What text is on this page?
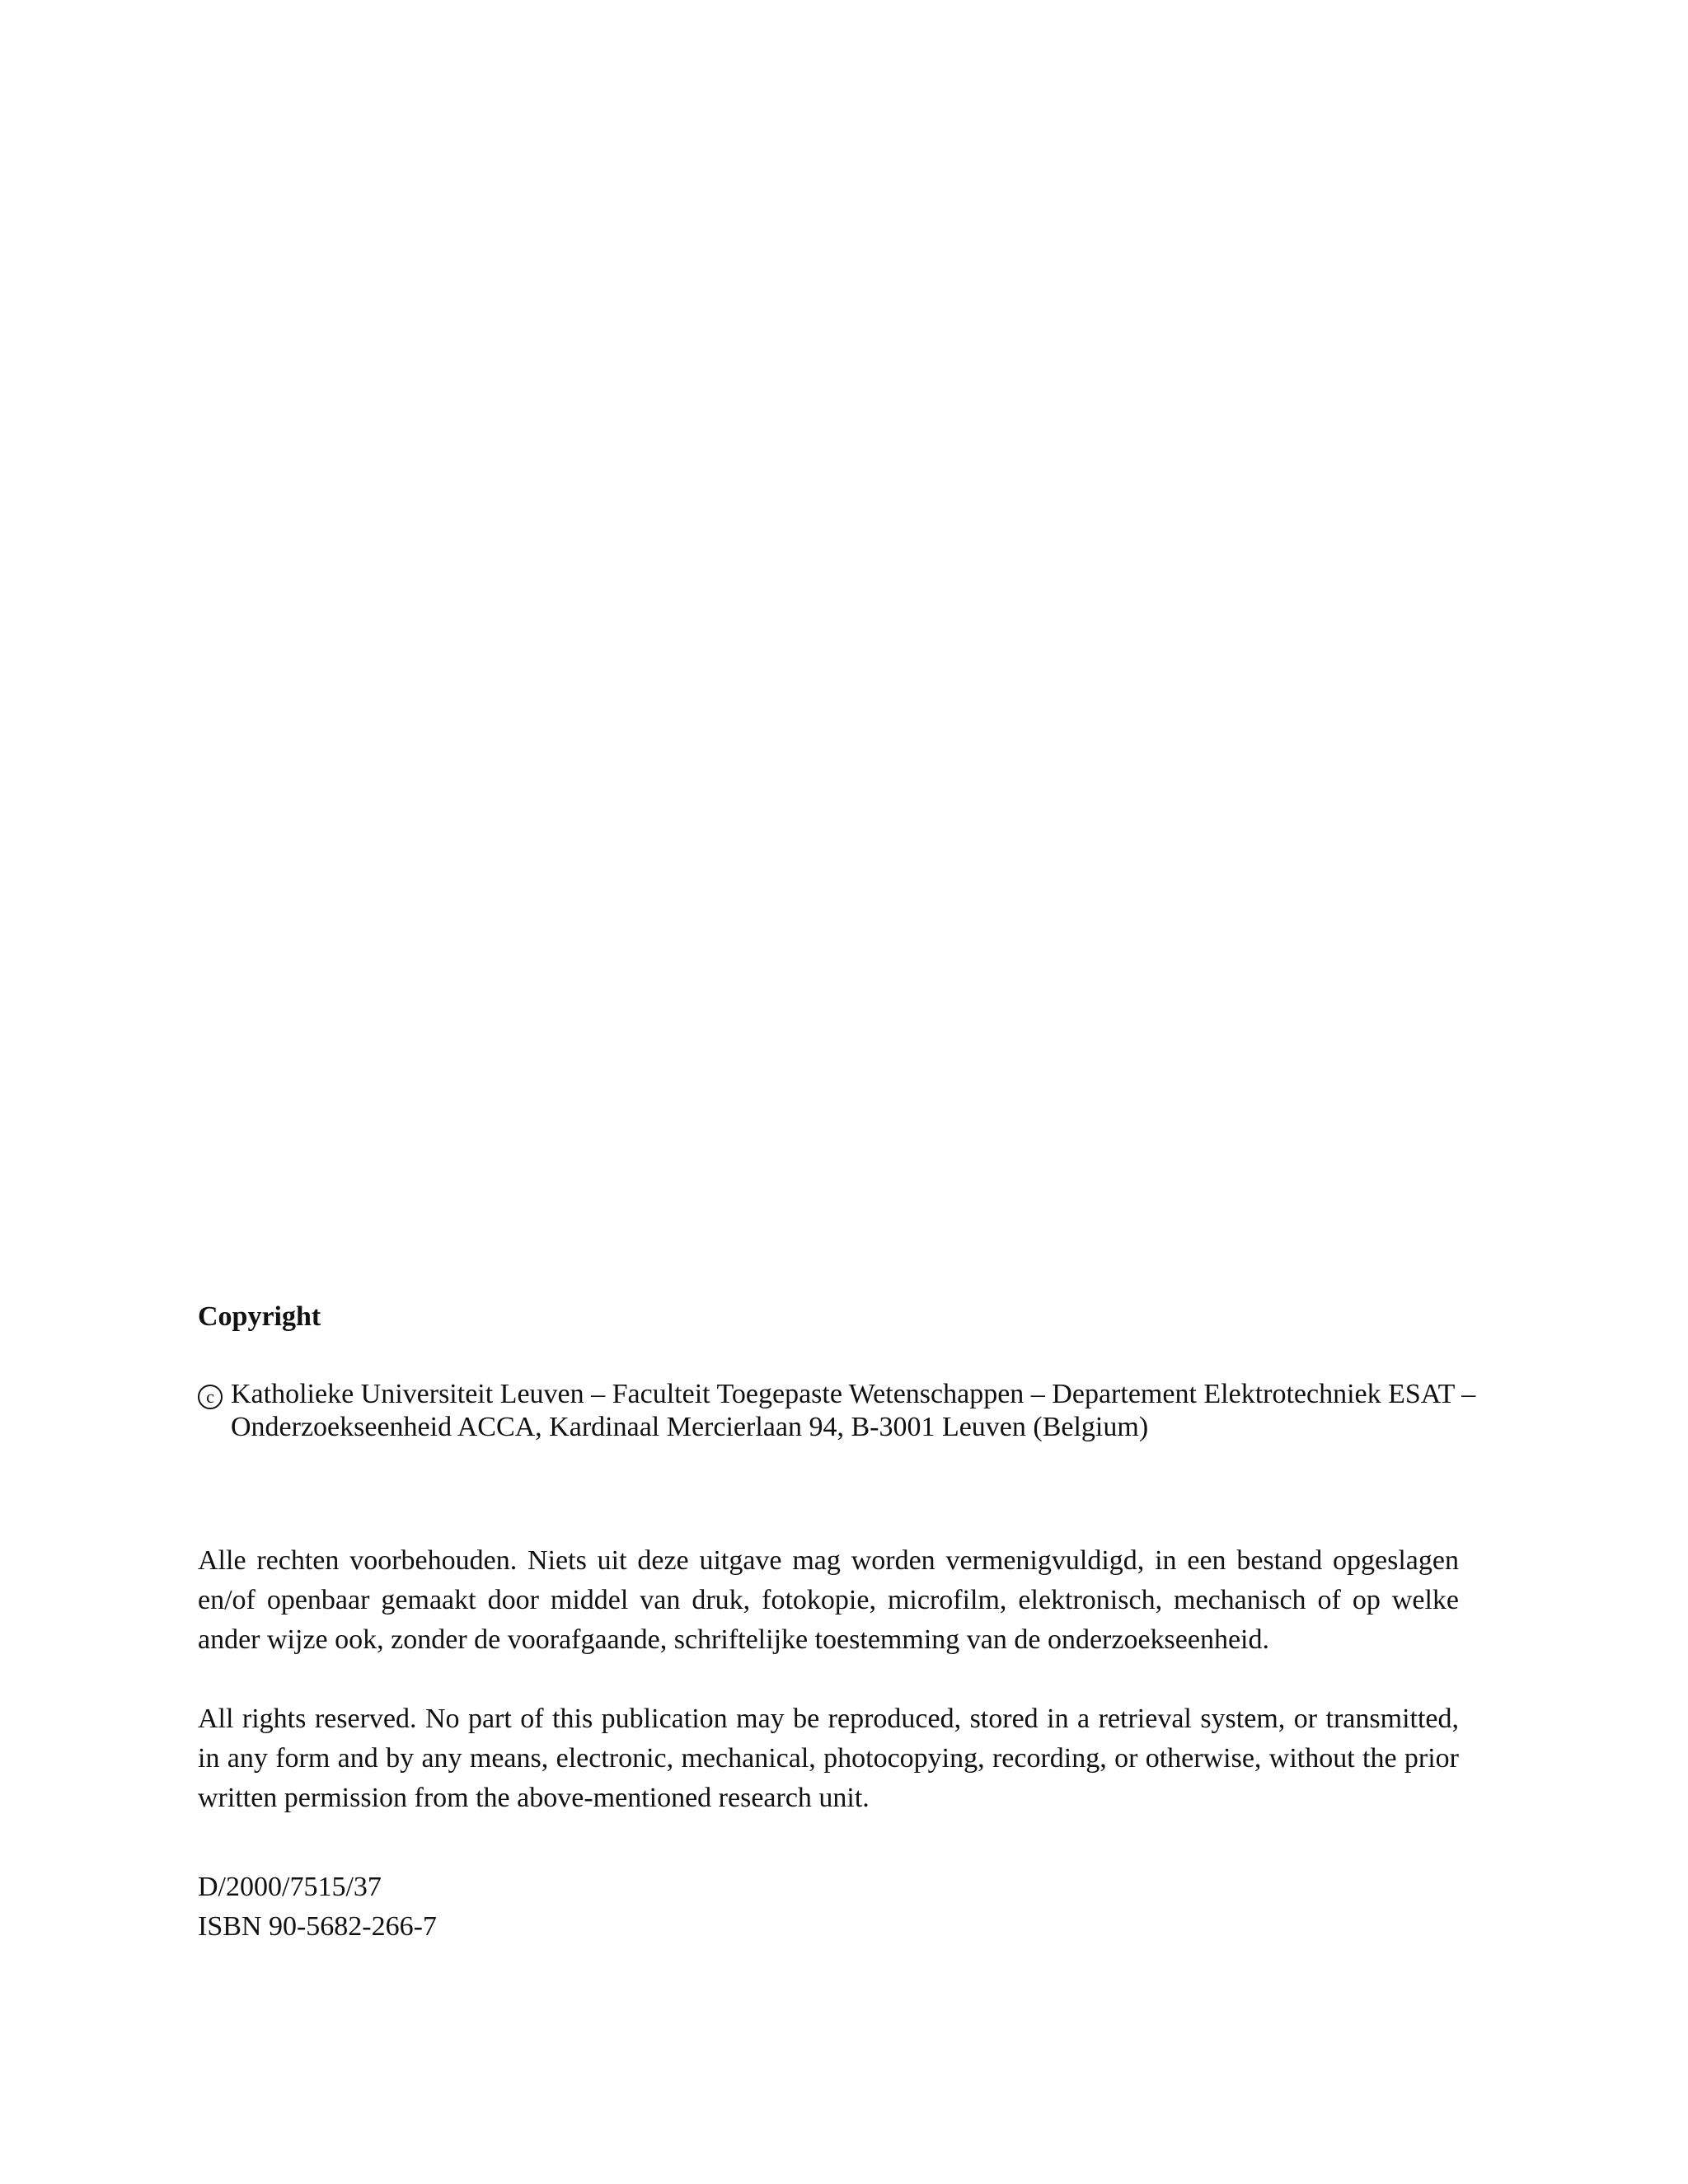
Copyright
c Katholieke Universiteit Leuven – Faculteit Toegepaste Wetenschappen – Departement Elektrotechniek ESAT –
Onderzoekseenheid ACCA, Kardinaal Mercierlaan 94, B-3001 Leuven (Belgium)

Alle rechten voorbehouden. Niets uit deze uitgave mag worden vermenigvuldigd, in een bestand opgeslagen en/of openbaar gemaakt door middel van druk, fotokopie, microfilm, elektronisch, mechanisch of op welke ander wijze ook, zonder de voorafgaande, schriftelijke toestemming van de onderzoekseenheid.

All rights reserved. No part of this publication may be reproduced, stored in a retrieval system, or transmitted, in any form and by any means, electronic, mechanical, photocopying, recording, or otherwise, without the prior written permission from the above-mentioned research unit.

D/2000/7515/37
ISBN 90-5682-266-7
